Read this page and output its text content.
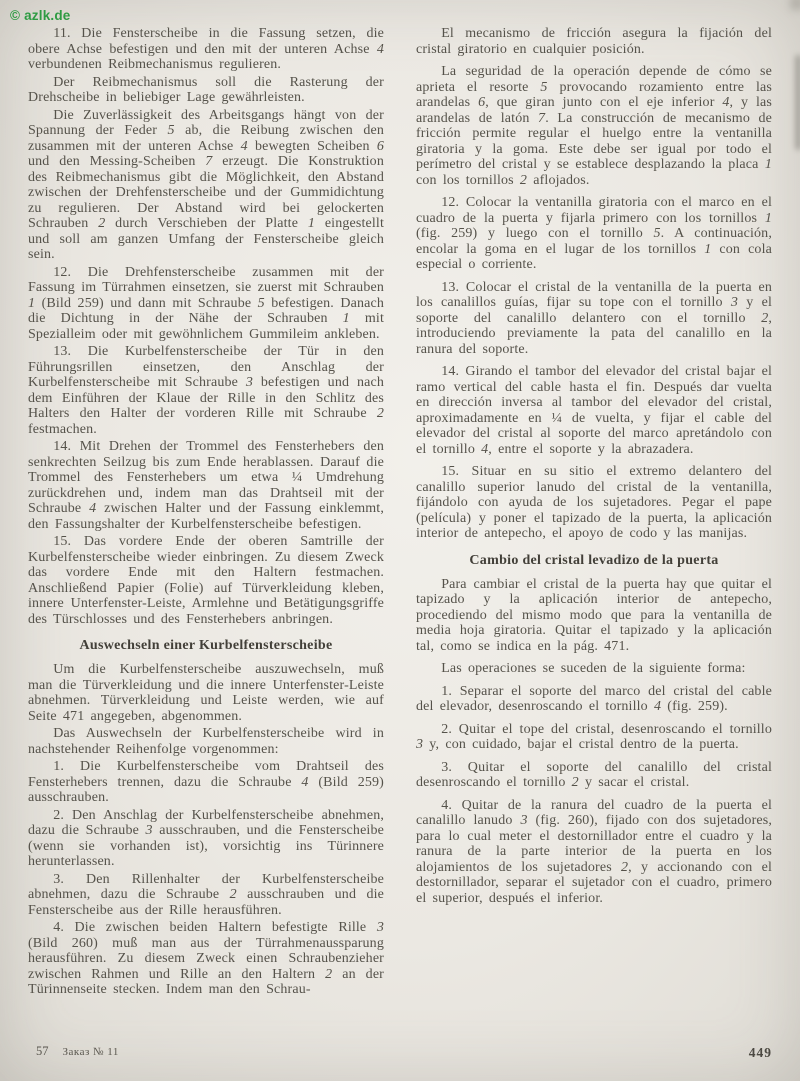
© azlk.de

11. Die Fensterscheibe in die Fassung setzen, die obere Achse befestigen und den mit der unteren Achse 4 verbundenen Reibmechanismus regulieren.

Der Reibmechanismus soll die Rasterung der Drehscheibe in beliebiger Lage gewährleisten.

Die Zuverlässigkeit des Arbeitsgangs hängt von der Spannung der Feder 5 ab, die Reibung zwischen den zusammen mit der unteren Achse 4 bewegten Scheiben 6 und den Messing-Scheiben 7 erzeugt. Die Konstruktion des Reibmechanismus gibt die Möglichkeit, den Abstand zwischen der Drehfensterscheibe und der Gummidichtung zu regulieren. Der Abstand wird bei gelockerten Schrauben 2 durch Verschieben der Platte 1 eingestellt und soll am ganzen Umfang der Fensterscheibe gleich sein.

12. Die Drehfensterscheibe zusammen mit der Fassung im Türrahmen einsetzen, sie zuerst mit Schrauben 1 (Bild 259) und dann mit Schraube 5 befestigen. Danach die Dichtung in der Nähe der Schrauben 1 mit Spezialleim oder mit gewöhnlichem Gummileim ankleben.

13. Die Kurbelfensterscheibe der Tür in den Führungsrillen einsetzen, den Anschlag der Kurbelfensterscheibe mit Schraube 3 befestigen und nach dem Einführen der Klaue der Rille in den Schlitz des Halters den Halter der vorderen Rille mit Schraube 2 festmachen.

14. Mit Drehen der Trommel des Fensterhebers den senkrechten Seilzug bis zum Ende herablassen. Darauf die Trommel des Fensterhebers um etwa ¼ Umdrehung zurückdrehen und, indem man das Drahtseil mit der Schraube 4 zwischen Halter und der Fassung einklemmt, den Fassungshalter der Kurbelfensterscheibe befestigen.

15. Das vordere Ende der oberen Samtrille der Kurbelfensterscheibe wieder einbringen. Zu diesem Zweck das vordere Ende mit den Haltern festmachen. Anschließend Papier (Folie) auf Türverkleidung kleben, innere Unterfenster-Leiste, Armlehne und Betätigungsgriffe des Türschlosses und des Fensterhebers anbringen.

Auswechseln einer Kurbelfensterscheibe

Um die Kurbelfensterscheibe auszuwechseln, muß man die Türverkleidung und die innere Unterfenster-Leiste abnehmen. Türverkleidung und Leiste werden, wie auf Seite 471 angegeben, abgenommen.

Das Auswechseln der Kurbelfensterscheibe wird in nachstehender Reihenfolge vorgenommen:

1. Die Kurbelfensterscheibe vom Drahtseil des Fensterhebers trennen, dazu die Schraube 4 (Bild 259) ausschrauben.

2. Den Anschlag der Kurbelfensterscheibe abnehmen, dazu die Schraube 3 ausschrauben, und die Fensterscheibe (wenn sie vorhanden ist), vorsichtig ins Türinnere herunterlassen.

3. Den Rillenhalter der Kurbelfensterscheibe abnehmen, dazu die Schraube 2 ausschrauben und die Fensterscheibe aus der Rille herausführen.

4. Die zwischen beiden Haltern befestigte Rille 3 (Bild 260) muß man aus der Türrahmenaussparung herausführen. Zu diesem Zweck einen Schraubenzieher zwischen Rahmen und Rille an den Haltern 2 an der Türinnenseite stecken. Indem man den Schrau-

El mecanismo de fricción asegura la fijación del cristal giratorio en cualquier posición.

La seguridad de la operación depende de cómo se aprieta el resorte 5 provocando rozamiento entre las arandelas 6, que giran junto con el eje inferior 4, y las arandelas de latón 7. La construcción de mecanismo de fricción permite regular el huelgo entre la ventanilla giratoria y la goma. Este debe ser igual por todo el perímetro del cristal y se establece desplazando la placa 1 con los tornillos 2 aflojados.

12. Colocar la ventanilla giratoria con el marco en el cuadro de la puerta y fijarla primero con los tornillos 1 (fig. 259) y luego con el tornillo 5. A continuación, encolar la goma en el lugar de los tornillos 1 con cola especial o corriente.

13. Colocar el cristal de la ventanilla de la puerta en los canalillos guías, fijar su tope con el tornillo 3 y el soporte del canalillo delantero con el tornillo 2, introduciendo previamente la pata del canalillo en la ranura del soporte.

14. Girando el tambor del elevador del cristal bajar el ramo vertical del cable hasta el fin. Después dar vuelta en dirección inversa al tambor del elevador del cristal, aproximadamente en ¼ de vuelta, y fijar el cable del elevador del cristal al soporte del marco apretándolo con el tornillo 4, entre el soporte y la abrazadera.

15. Situar en su sitio el extremo delantero del canalillo superior lanudo del cristal de la ventanilla, fijándolo con ayuda de los sujetadores. Pegar el pape (película) y poner el tapizado de la puerta, la aplicación interior de antepecho, el apoyo de codo y las manijas.

Cambio del cristal levadizo de la puerta

Para cambiar el cristal de la puerta hay que quitar el tapizado y la aplicación interior de antepecho, procediendo del mismo modo que para la ventanilla de media hoja giratoria. Quitar el tapizado y la aplicación tal, como se indica en la pág. 471.

Las operaciones se suceden de la siguiente forma:

1. Separar el soporte del marco del cristal del cable del elevador, desenroscando el tornillo 4 (fig. 259).

2. Quitar el tope del cristal, desenroscando el tornillo 3 y, con cuidado, bajar el cristal dentro de la puerta.

3. Quitar el soporte del canalillo del cristal desenroscando el tornillo 2 y sacar el cristal.

4. Quitar de la ranura del cuadro de la puerta el canalillo lanudo 3 (fig. 260), fijado con dos sujetadores, para lo cual meter el destornillador entre el cuadro y la ranura de la parte interior de la puerta en los alojamientos de los sujetadores 2, y accionando con el destornillador, separar el sujetador con el cuadro, primero el superior, después el inferior.

57 Заказ № 11	449
